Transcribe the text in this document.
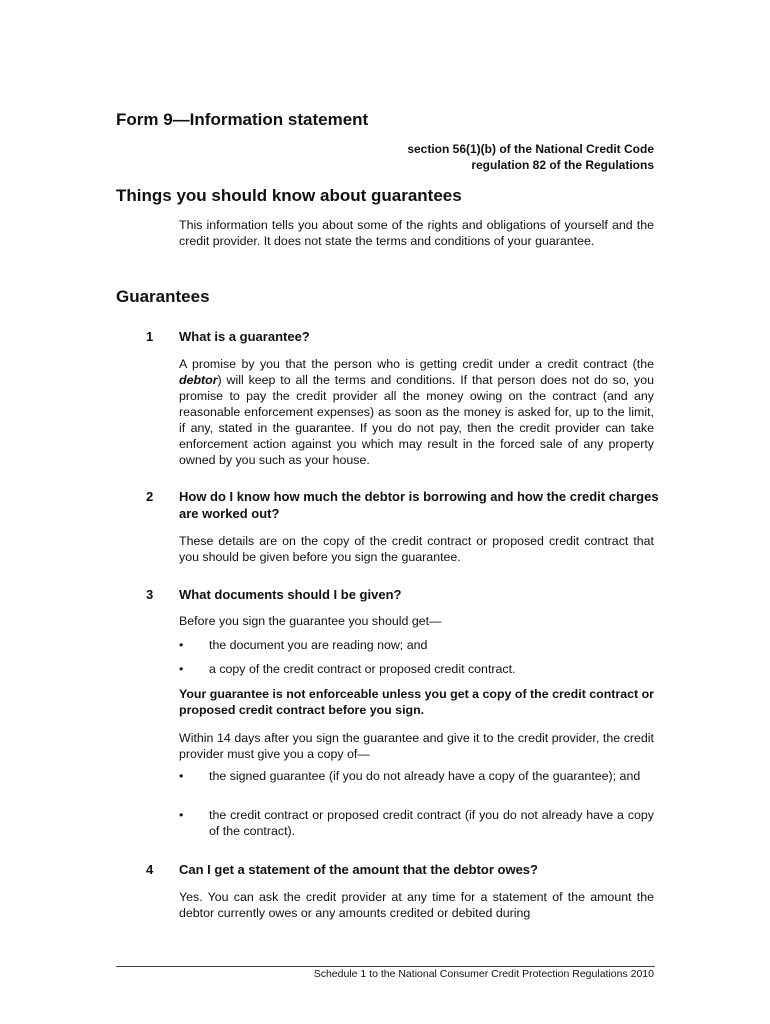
Form 9—Information statement
section 56(1)(b) of the National Credit Code
regulation 82 of the Regulations
Things you should know about guarantees
This information tells you about some of the rights and obligations of yourself and the credit provider. It does not state the terms and conditions of your guarantee.
Guarantees
1 What is a guarantee?
A promise by you that the person who is getting credit under a credit contract (the debtor) will keep to all the terms and conditions. If that person does not do so, you promise to pay the credit provider all the money owing on the contract (and any reasonable enforcement expenses) as soon as the money is asked for, up to the limit, if any, stated in the guarantee. If you do not pay, then the credit provider can take enforcement action against you which may result in the forced sale of any property owned by you such as your house.
2 How do I know how much the debtor is borrowing and how the credit charges are worked out?
These details are on the copy of the credit contract or proposed credit contract that you should be given before you sign the guarantee.
3 What documents should I be given?
Before you sign the guarantee you should get—
• the document you are reading now; and
• a copy of the credit contract or proposed credit contract.
Your guarantee is not enforceable unless you get a copy of the credit contract or proposed credit contract before you sign.
Within 14 days after you sign the guarantee and give it to the credit provider, the credit provider must give you a copy of—
• the signed guarantee (if you do not already have a copy of the guarantee); and
• the credit contract or proposed credit contract (if you do not already have a copy of the contract).
4 Can I get a statement of the amount that the debtor owes?
Yes. You can ask the credit provider at any time for a statement of the amount the debtor currently owes or any amounts credited or debited during
Schedule 1 to the National Consumer Credit Protection Regulations 2010
